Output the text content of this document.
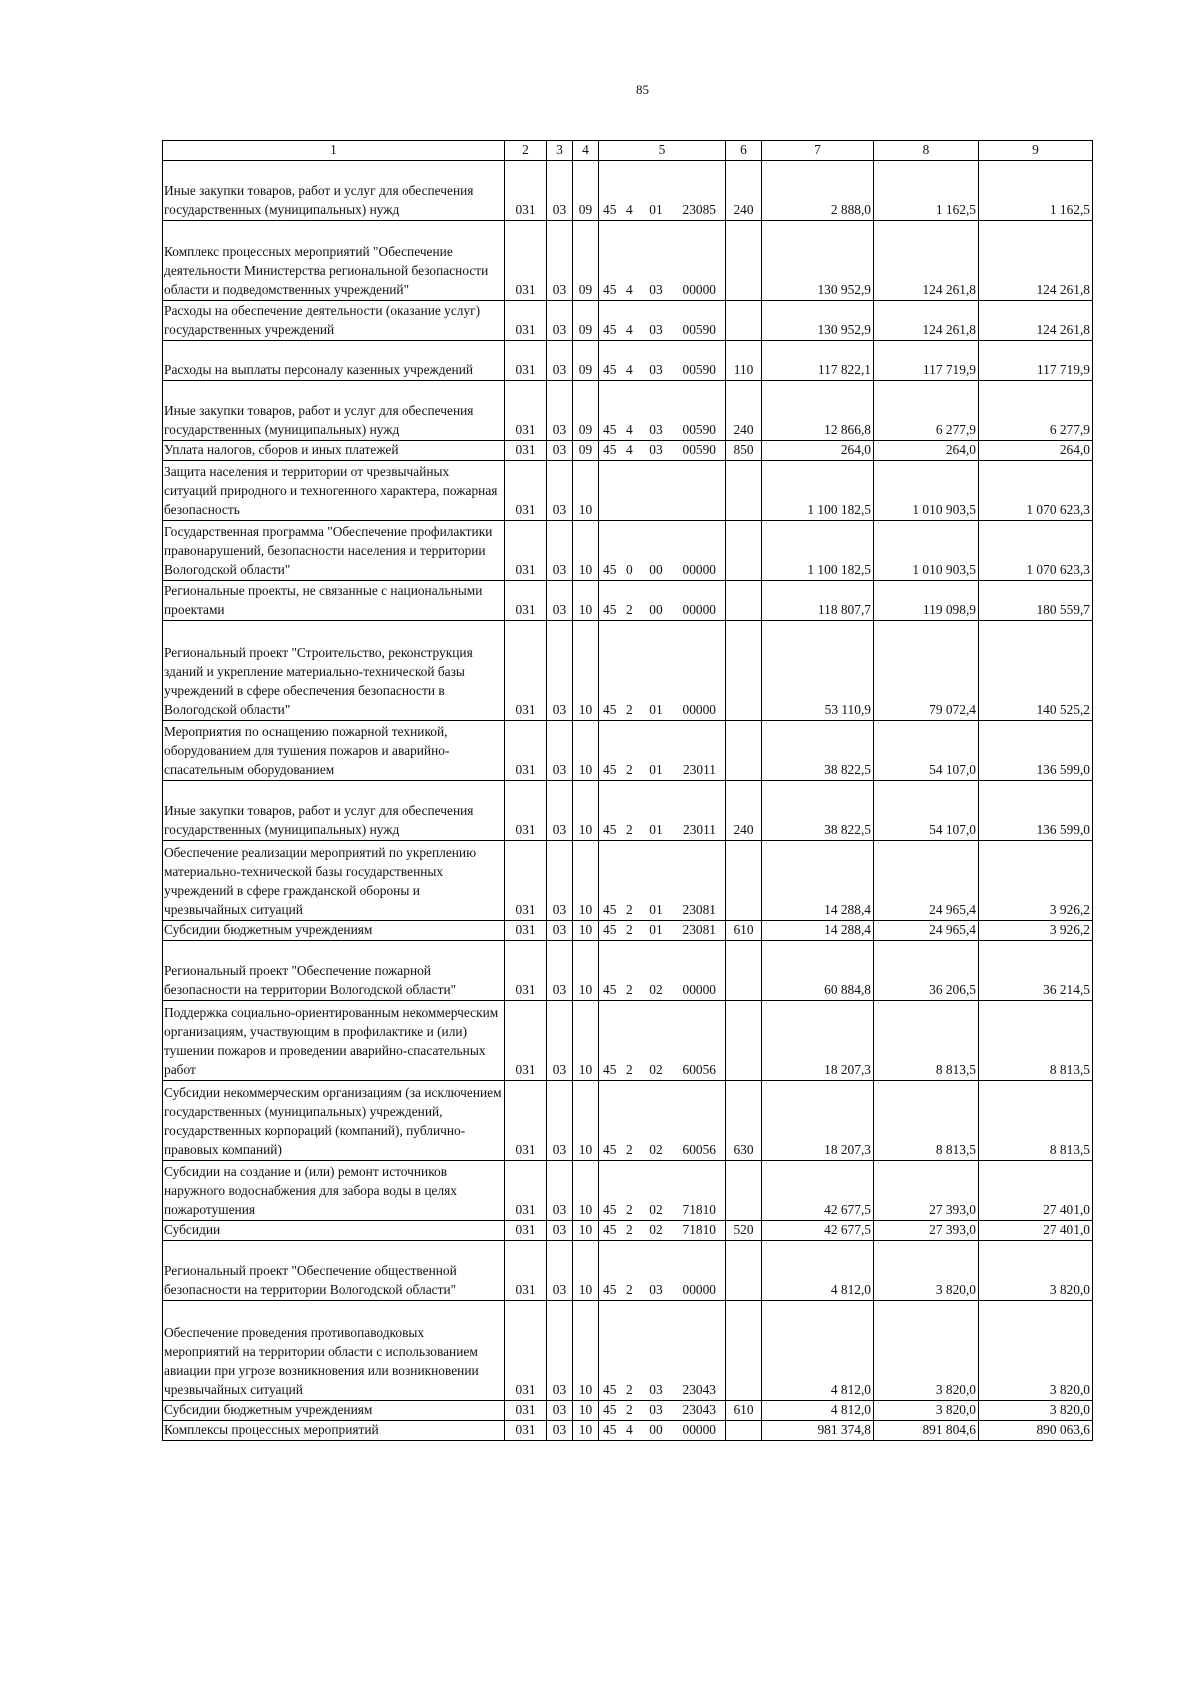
85
1	2	3	4	5	6	7	8	9
Иные закупки товаров, работ и услуг для обеспечения государственных (муниципальных) нужд	031	03	09	45 4 01 23085	240	2 888,0	1 162,5	1 162,5
Комплекс процессных мероприятий "Обеспечение деятельности Министерства региональной безопасности области и подведомственных учреждений"	031	03	09	45 4 03 00000		130 952,9	124 261,8	124 261,8
Расходы на обеспечение деятельности (оказание услуг) государственных учреждений	031	03	09	45 4 03 00590		130 952,9	124 261,8	124 261,8
Расходы на выплаты персоналу казенных учреждений	031	03	09	45 4 03 00590	110	117 822,1	117 719,9	117 719,9
Иные закупки товаров, работ и услуг для обеспечения государственных (муниципальных) нужд	031	03	09	45 4 03 00590	240	12 866,8	6 277,9	6 277,9
Уплата налогов, сборов и иных платежей	031	03	09	45 4 03 00590	850	264,0	264,0	264,0
Защита населения и территории от чрезвычайных ситуаций природного и техногенного характера, пожарная безопасность	031	03	10			1 100 182,5	1 010 903,5	1 070 623,3
Государственная программа "Обеспечение профилактики правонарушений, безопасности населения и территории Вологодской области"	031	03	10	45 0 00 00000		1 100 182,5	1 010 903,5	1 070 623,3
Региональные проекты, не связанные с национальными проектами	031	03	10	45 2 00 00000		118 807,7	119 098,9	180 559,7
Региональный проект "Строительство, реконструкция зданий и укрепление материально-технической базы учреждений в сфере обеспечения безопасности в Вологодской области"	031	03	10	45 2 01 00000		53 110,9	79 072,4	140 525,2
Мероприятия по оснащению пожарной техникой, оборудованием для тушения пожаров и аварийно-спасательным оборудованием	031	03	10	45 2 01 23011		38 822,5	54 107,0	136 599,0
Иные закупки товаров, работ и услуг для обеспечения государственных (муниципальных) нужд	031	03	10	45 2 01 23011	240	38 822,5	54 107,0	136 599,0
Обеспечение реализации мероприятий по укреплению материально-технической базы государственных учреждений в сфере гражданской обороны и чрезвычайных ситуаций	031	03	10	45 2 01 23081		14 288,4	24 965,4	3 926,2
Субсидии бюджетным учреждениям	031	03	10	45 2 01 23081	610	14 288,4	24 965,4	3 926,2
Региональный проект "Обеспечение пожарной безопасности на территории Вологодской области"	031	03	10	45 2 02 00000		60 884,8	36 206,5	36 214,5
Поддержка социально-ориентированным некоммерческим организациям, участвующим в профилактике и (или) тушении пожаров и проведении аварийно-спасательных работ	031	03	10	45 2 02 60056		18 207,3	8 813,5	8 813,5
Субсидии некоммерческим организациям (за исключением государственных (муниципальных) учреждений, государственных корпораций (компаний), публично-правовых компаний)	031	03	10	45 2 02 60056	630	18 207,3	8 813,5	8 813,5
Субсидии на создание и (или) ремонт источников наружного водоснабжения для забора воды в целях пожаротушения	031	03	10	45 2 02 71810		42 677,5	27 393,0	27 401,0
Субсидии	031	03	10	45 2 02 71810	520	42 677,5	27 393,0	27 401,0
Региональный проект "Обеспечение общественной безопасности на территории Вологодской области"	031	03	10	45 2 03 00000		4 812,0	3 820,0	3 820,0
Обеспечение проведения противопаводковых мероприятий на территории области с использованием авиации при угрозе возникновения или возникновении чрезвычайных ситуаций	031	03	10	45 2 03 23043		4 812,0	3 820,0	3 820,0
Субсидии бюджетным учреждениям	031	03	10	45 2 03 23043	610	4 812,0	3 820,0	3 820,0
Комплексы процессных мероприятий	031	03	10	45 4 00 00000		981 374,8	891 804,6	890 063,6
